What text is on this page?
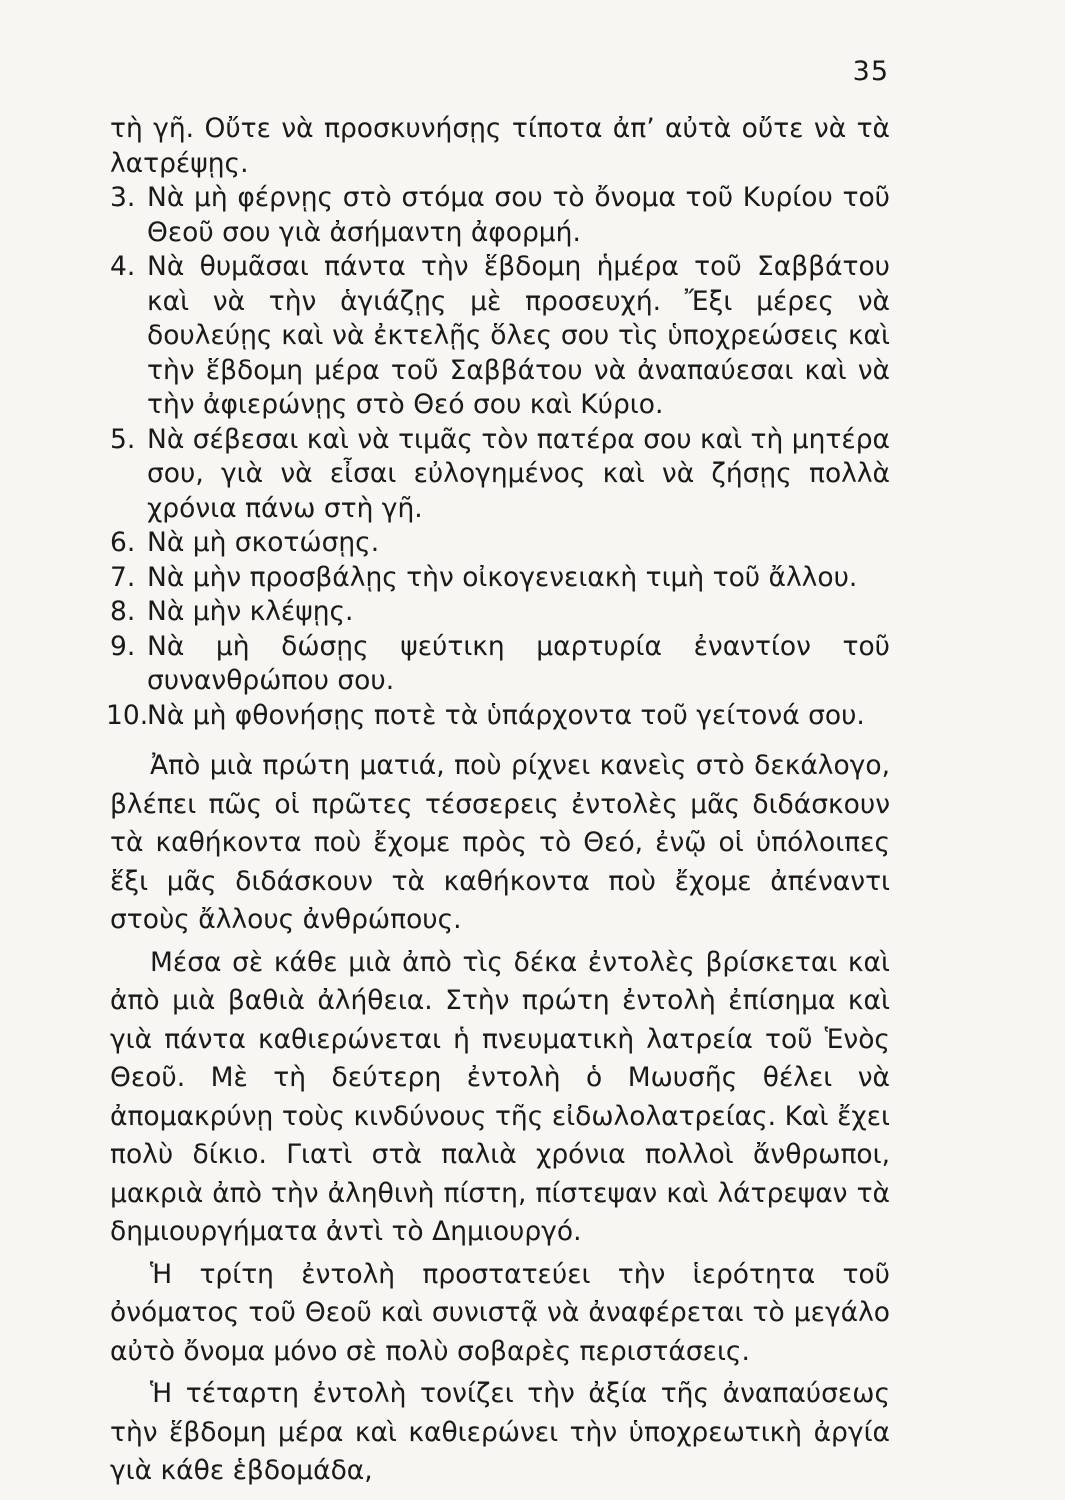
35

τὴ γῆ. Οὔτε νὰ προσκυνήσῃς τίποτα ἀπ’ αὐτὰ οὔτε νὰ τὰ λατρέψῃς.

3. Νὰ μὴ φέρνῃς στὸ στόμα σου τὸ ὄνομα τοῦ Κυρίου τοῦ Θεοῦ σου γιὰ ἀσήμαντη ἀφορμή.
4. Νὰ θυμᾶσαι πάντα τὴν ἕβδομη ἡμέρα τοῦ Σαββάτου καὶ νὰ τὴν ἁγιάζῃς μὲ προσευχή. Ἔξι μέρες νὰ δουλεύῃς καὶ νὰ ἐκτελῇς ὅλες σου τὶς ὑποχρεώσεις καὶ τὴν ἕβδομη μέρα τοῦ Σαββάτου νὰ ἀναπαύεσαι καὶ νὰ τὴν ἀφιερώνῃς στὸ Θεό σου καὶ Κύριο.
5. Νὰ σέβεσαι καὶ νὰ τιμᾶς τὸν πατέρα σου καὶ τὴ μητέρα σου, γιὰ νὰ εἶσαι εὐλογημένος καὶ νὰ ζήσῃς πολλὰ χρόνια πάνω στὴ γῆ.
6. Νὰ μὴ σκοτώσῃς.
7. Νὰ μὴν προσβάλῃς τὴν οἰκογενειακὴ τιμὴ τοῦ ἄλλου.
8. Νὰ μὴν κλέψῃς.
9. Νὰ μὴ δώσῃς ψεύτικη μαρτυρία ἐναντίον τοῦ συνανθρώπου σου.
10.
Νὰ μὴ φθονήσῃς ποτὲ τὰ ὑπάρχοντα τοῦ γείτονά σου.

Ἀπὸ μιὰ πρώτη ματιά, ποὺ ρίχνει κανεὶς στὸ δεκάλογο, βλέπει πῶς οἱ πρῶτες τέσσερεις ἐντολὲς μᾶς διδάσκουν τὰ καθήκοντα ποὺ ἔχομε πρὸς τὸ Θεό, ἐνῷ οἱ ὑπόλοιπες ἕξι μᾶς διδάσκουν τὰ καθήκοντα ποὺ ἔχομε ἀπέναντι στοὺς ἄλλους ἀνθρώπους.

Μέσα σὲ κάθε μιὰ ἀπὸ τὶς δέκα ἐντολὲς βρίσκεται καὶ ἀπὸ μιὰ βαθιὰ ἀλήθεια. Στὴν πρώτη ἐντολὴ ἐπίσημα καὶ γιὰ πάντα καθιερώνεται ἡ πνευματικὴ λατρεία τοῦ Ἑνὸς Θεοῦ. Μὲ τὴ δεύτερη ἐντολὴ ὁ Μωυσῆς θέλει νὰ ἀπομακρύνῃ τοὺς κινδύνους τῆς εἰδωλολατρείας. Καὶ ἔχει πολὺ δίκιο. Γιατὶ στὰ παλιὰ χρόνια πολλοὶ ἄνθρωποι, μακριὰ ἀπὸ τὴν ἀληθινὴ πίστη, πίστεψαν καὶ λάτρεψαν τὰ δημιουργήματα ἀντὶ τὸ Δημιουργό.

Ἡ τρίτη ἐντολὴ προστατεύει τὴν ἱερότητα τοῦ ὀνόματος τοῦ Θεοῦ καὶ συνιστᾷ νὰ ἀναφέρεται τὸ μεγάλο αὐτὸ ὄνομα μόνο σὲ πολὺ σοβαρὲς περιστάσεις.

Ἡ τέταρτη ἐντολὴ τονίζει τὴν ἀξία τῆς ἀναπαύσεως τὴν ἕβδομη μέρα καὶ καθιερώνει τὴν ὑποχρεωτικὴ ἀργία γιὰ κάθε ἑβδομάδα,
